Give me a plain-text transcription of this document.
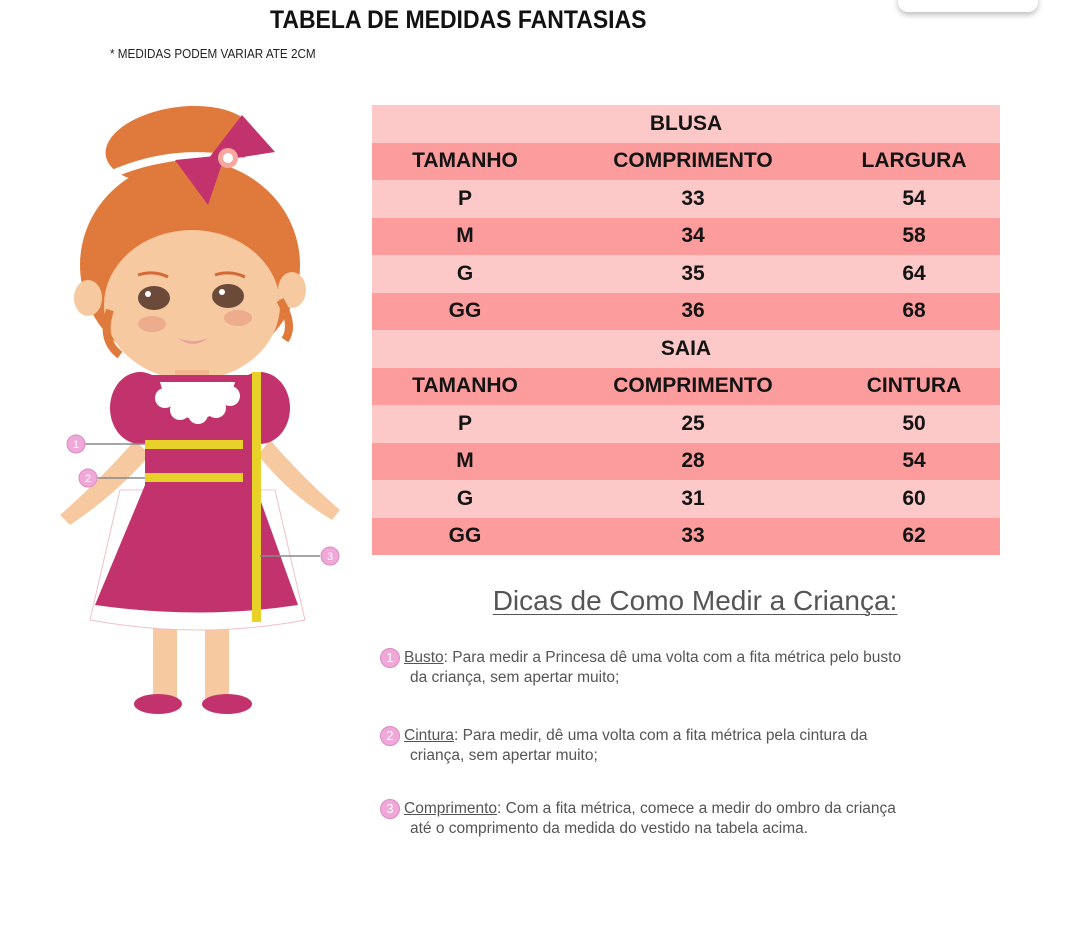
TABELA DE MEDIDAS FANTASIAS
* MEDIDAS PODEM VARIAR ATE 2CM
1
2
3
BLUSA
TAMANHO	COMPRIMENTO	LARGURA
P	33	54
M	34	58
G	35	64
GG	36	68
SAIA
TAMANHO	COMPRIMENTO	CINTURA
P	25	50
M	28	54
G	31	60
GG	33	62
Dicas de Como Medir a Criança:
1 Busto: Para medir a Princesa dê uma volta com a fita métrica pelo busto
da criança, sem apertar muito;
2 Cintura: Para medir, dê uma volta com a fita métrica pela cintura da
criança, sem apertar muito;
3 Comprimento: Com a fita métrica, comece a medir do ombro da criança
até o comprimento da medida do vestido na tabela acima.
